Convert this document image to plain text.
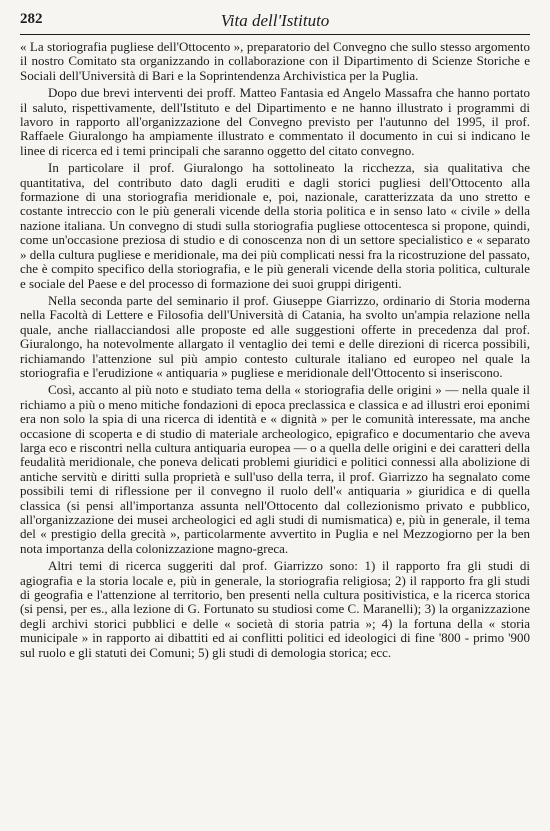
282	Vita dell'Istituto

« La storiografia pugliese dell'Ottocento », preparatorio del Convegno che sullo stesso argomento il nostro Comitato sta organizzando in collaborazione con il Dipartimento di Scienze Storiche e Sociali dell'Università di Bari e la Soprintendenza Archivistica per la Puglia.

Dopo due brevi interventi dei proff. Matteo Fantasia ed Angelo Massafra che hanno portato il saluto, rispettivamente, dell'Istituto e del Dipartimento e ne hanno illustrato i programmi di lavoro in rapporto all'organizzazione del Convegno previsto per l'autunno del 1995, il prof. Raffaele Giuralongo ha ampiamente illustrato e commentato il documento in cui si indicano le linee di ricerca ed i temi principali che saranno oggetto del citato convegno.

In particolare il prof. Giuralongo ha sottolineato la ricchezza, sia qualitativa che quantitativa, del contributo dato dagli eruditi e dagli storici pugliesi dell'Ottocento alla formazione di una storiografia meridionale e, poi, nazionale, caratterizzata da uno stretto e costante intreccio con le più generali vicende della storia politica e in senso lato « civile » della nazione italiana. Un convegno di studi sulla storiografia pugliese ottocentesca si propone, quindi, come un'occasione preziosa di studio e di conoscenza non di un settore specialistico e « separato » della cultura pugliese e meridionale, ma dei più complicati nessi fra la ricostruzione del passato, che è compito specifico della storiografia, e le più generali vicende della storia politica, culturale e sociale del Paese e del processo di formazione dei suoi gruppi dirigenti.

Nella seconda parte del seminario il prof. Giuseppe Giarrizzo, ordinario di Storia moderna nella Facoltà di Lettere e Filosofia dell'Università di Catania, ha svolto un'ampia relazione nella quale, anche riallacciandosi alle proposte ed alle suggestioni offerte in precedenza dal prof. Giuralongo, ha notevolmente allargato il ventaglio dei temi e delle direzioni di ricerca possibili, richiamando l'attenzione sul più ampio contesto culturale italiano ed europeo nel quale la storiografia e l'erudizione « antiquaria » pugliese e meridionale dell'Ottocento si inseriscono.

Così, accanto al più noto e studiato tema della « storiografia delle origini » — nella quale il richiamo a più o meno mitiche fondazioni di epoca preclassica e classica e ad illustri eroi eponimi era non solo la spia di una ricerca di identità e « dignità » per le comunità interessate, ma anche occasione di scoperta e di studio di materiale archeologico, epigrafico e documentario che aveva larga eco e riscontri nella cultura antiquaria europea — o a quella delle origini e dei caratteri della feudalità meridionale, che poneva delicati problemi giuridici e politici connessi alla abolizione di antiche servitù e diritti sulla proprietà e sull'uso della terra, il prof. Giarrizzo ha segnalato come possibili temi di riflessione per il convegno il ruolo dell'« antiquaria » giuridica e di quella classica (si pensi all'importanza assunta nell'Ottocento dal collezionismo privato e pubblico, all'organizzazione dei musei archeologici ed agli studi di numismatica) e, più in generale, il tema del « prestigio della grecità », particolarmente avvertito in Puglia e nel Mezzogiorno per la ben nota importanza della colonizzazione magno-greca.

Altri temi di ricerca suggeriti dal prof. Giarrizzo sono: 1) il rapporto fra gli studi di agiografia e la storia locale e, più in generale, la storiografia religiosa; 2) il rapporto fra gli studi di geografia e l'attenzione al territorio, ben presenti nella cultura positivistica, e la ricerca storica (si pensi, per es., alla lezione di G. Fortunato su studiosi come C. Maranelli); 3) la organizzazione degli archivi storici pubblici e delle « società di storia patria »; 4) la fortuna della « storia municipale » in rapporto ai dibattiti ed ai conflitti politici ed ideologici di fine '800 - primo '900 sul ruolo e gli statuti dei Comuni; 5) gli studi di demologia storica; ecc.
